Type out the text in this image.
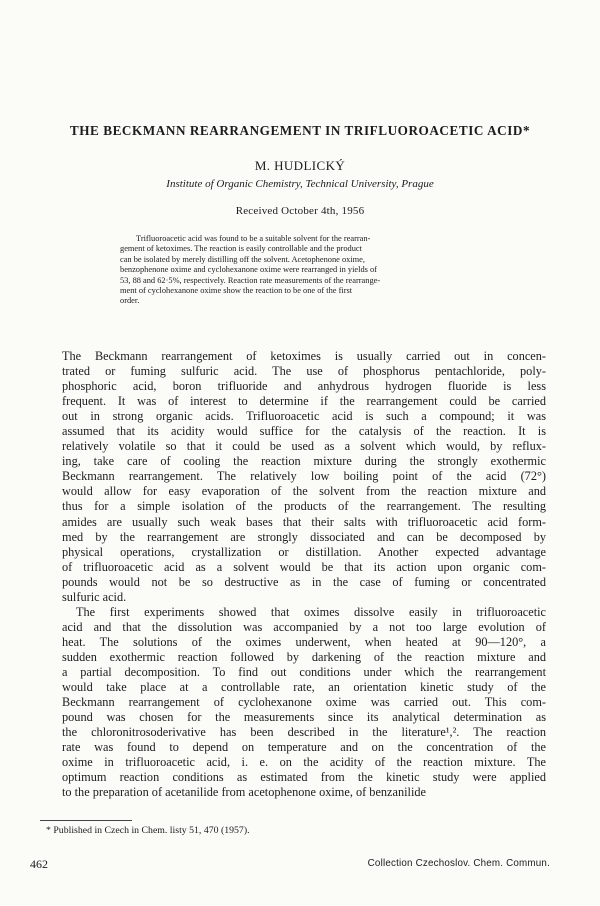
THE BECKMANN REARRANGEMENT IN TRIFLUOROACETIC ACID*
M. HUDLICKÝ
Institute of Organic Chemistry, Technical University, Prague
Received October 4th, 1956
Trifluoroacetic acid was found to be a suitable solvent for the rearran-
gement of ketoximes. The reaction is easily controllable and the product
can be isolated by merely distilling off the solvent. Acetophenone oxime,
benzophenone oxime and cyclohexanone oxime were rearranged in yields of
53, 88 and 62·5%, respectively. Reaction rate measurements of the rearrange-
ment of cyclohexanone oxime show the reaction to be one of the first
order.
The Beckmann rearrangement of ketoximes is usually carried out in concen-
trated or fuming sulfuric acid. The use of phosphorus pentachloride, poly-
phosphoric acid, boron trifluoride and anhydrous hydrogen fluoride is less
frequent. It was of interest to determine if the rearrangement could be carried
out in strong organic acids. Trifluoroacetic acid is such a compound; it was
assumed that its acidity would suffice for the catalysis of the reaction. It is
relatively volatile so that it could be used as a solvent which would, by reflux-
ing, take care of cooling the reaction mixture during the strongly exothermic
Beckmann rearrangement. The relatively low boiling point of the acid (72°)
would allow for easy evaporation of the solvent from the reaction mixture and
thus for a simple isolation of the products of the rearrangement. The resulting
amides are usually such weak bases that their salts with trifluoroacetic acid form-
med by the rearrangement are strongly dissociated and can be decomposed by
physical operations, crystallization or distillation. Another expected advantage
of trifluoroacetic acid as a solvent would be that its action upon organic com-
pounds would not be so destructive as in the case of fuming or concentrated
sulfuric acid.
The first experiments showed that oximes dissolve easily in trifluoroacetic
acid and that the dissolution was accompanied by a not too large evolution of
heat. The solutions of the oximes underwent, when heated at 90—120°, a
sudden exothermic reaction followed by darkening of the reaction mixture and
a partial decomposition. To find out conditions under which the rearrangement
would take place at a controllable rate, an orientation kinetic study of the
Beckmann rearrangement of cyclohexanone oxime was carried out. This com-
pound was chosen for the measurements since its analytical determination as
the chloronitrosoderivative has been described in the literature¹,². The reaction
rate was found to depend on temperature and on the concentration of the
oxime in trifluoroacetic acid, i. e. on the acidity of the reaction mixture. The
optimum reaction conditions as estimated from the kinetic study were applied
to the preparation of acetanilide from acetophenone oxime, of benzanilide
* Published in Czech in Chem. listy 51, 470 (1957).
462	Collection Czechoslov. Chem. Commun.
